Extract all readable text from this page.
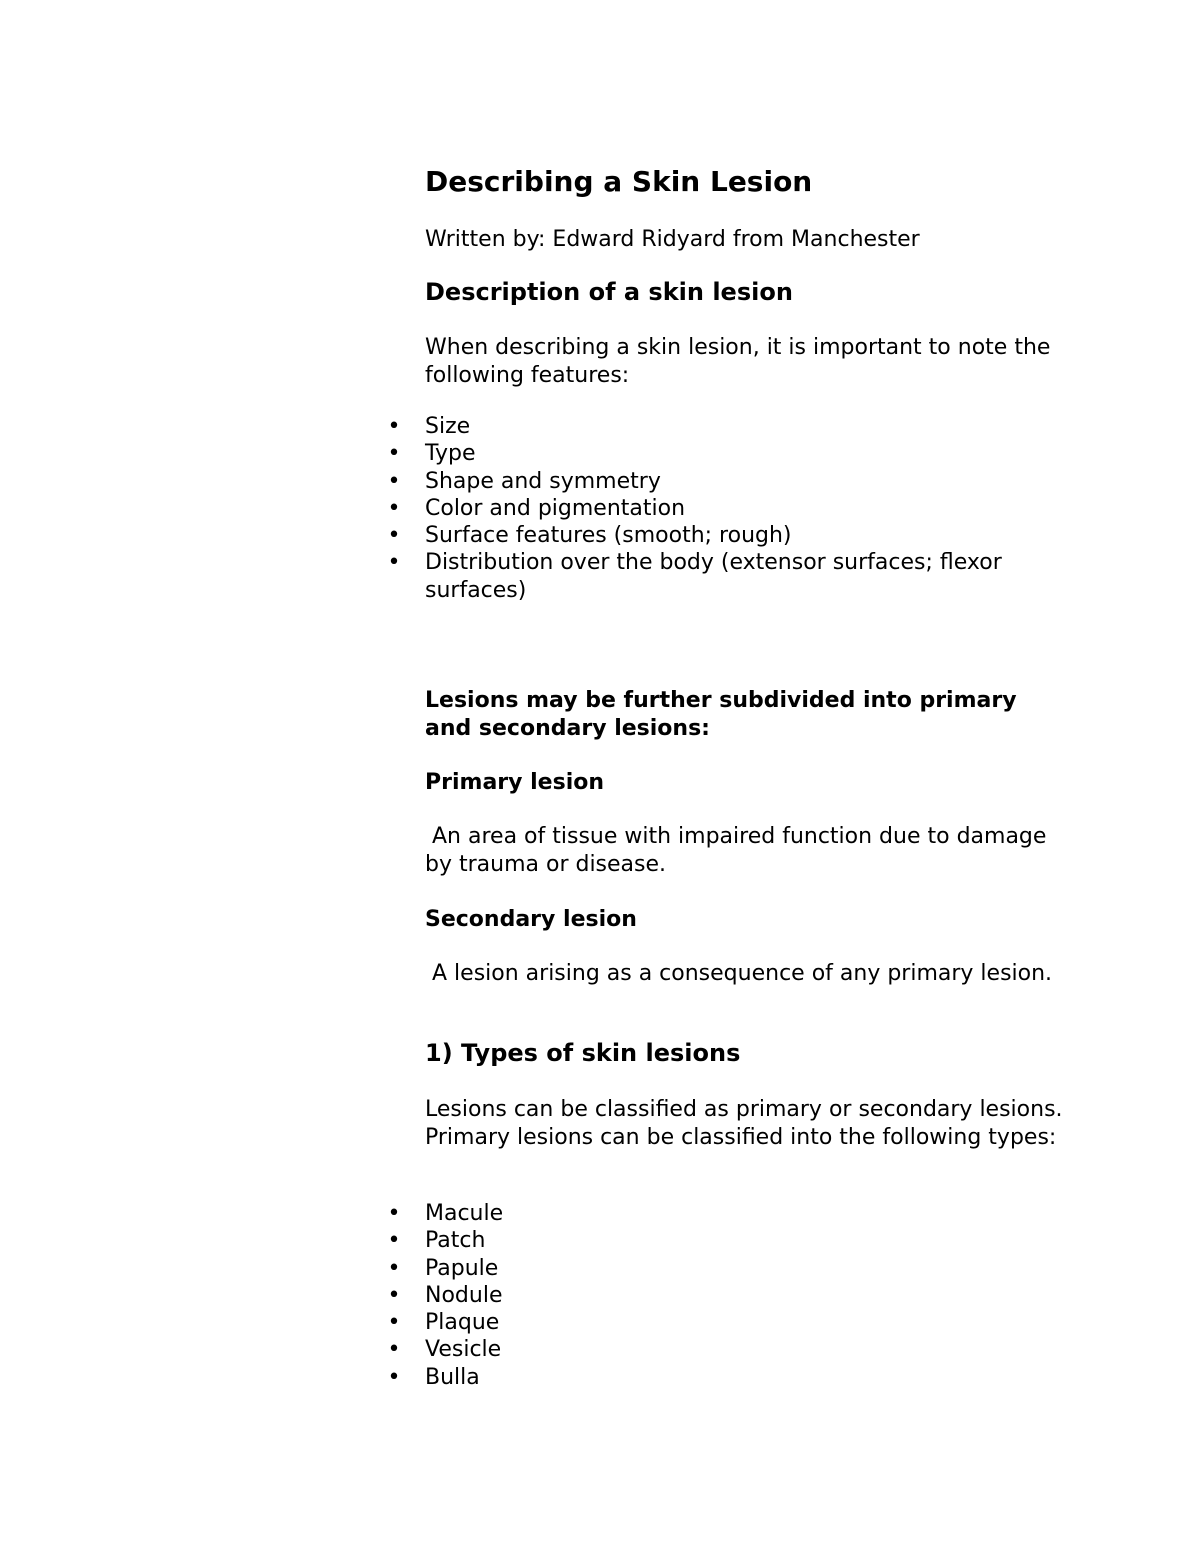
Describing a Skin Lesion

Written by: Edward Ridyard from Manchester

Description of a skin lesion

When describing a skin lesion, it is important to note the following features:

• Size
• Type
• Shape and symmetry
• Color and pigmentation
• Surface features (smooth; rough)
• Distribution over the body (extensor surfaces; flexor surfaces)

Lesions may be further subdivided into primary and secondary lesions:

Primary lesion

An area of tissue with impaired function due to damage by trauma or disease.

Secondary lesion

A lesion arising as a consequence of any primary lesion.

1) Types of skin lesions

Lesions can be classified as primary or secondary lesions. Primary lesions can be classified into the following types:

• Macule
• Patch
• Papule
• Nodule
• Plaque
• Vesicle
• Bulla
